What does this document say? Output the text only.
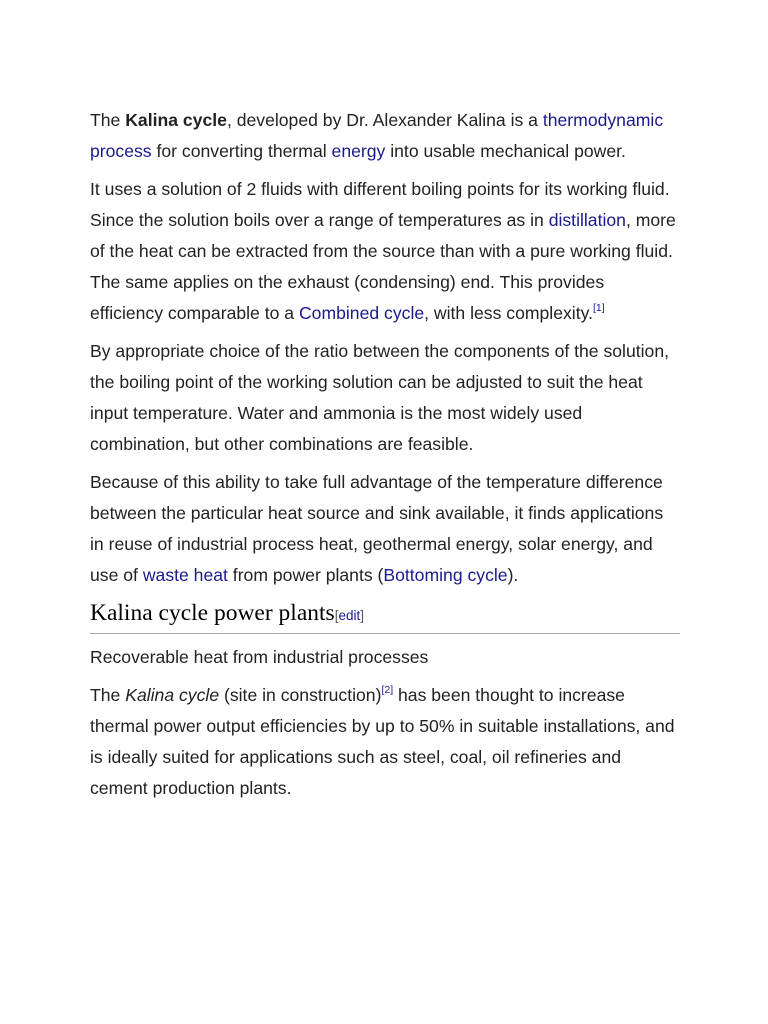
The Kalina cycle, developed by Dr. Alexander Kalina is a thermodynamic process for converting thermal energy into usable mechanical power.

It uses a solution of 2 fluids with different boiling points for its working fluid. Since the solution boils over a range of temperatures as in distillation, more of the heat can be extracted from the source than with a pure working fluid. The same applies on the exhaust (condensing) end. This provides efficiency comparable to a Combined cycle, with less complexity.[1]

By appropriate choice of the ratio between the components of the solution, the boiling point of the working solution can be adjusted to suit the heat input temperature. Water and ammonia is the most widely used combination, but other combinations are feasible.

Because of this ability to take full advantage of the temperature difference between the particular heat source and sink available, it finds applications in reuse of industrial process heat, geothermal energy, solar energy, and use of waste heat from power plants (Bottoming cycle).

Kalina cycle power plants[edit]

Recoverable heat from industrial processes

The Kalina cycle (site in construction)[2] has been thought to increase thermal power output efficiencies by up to 50% in suitable installations, and is ideally suited for applications such as steel, coal, oil refineries and cement production plants.
